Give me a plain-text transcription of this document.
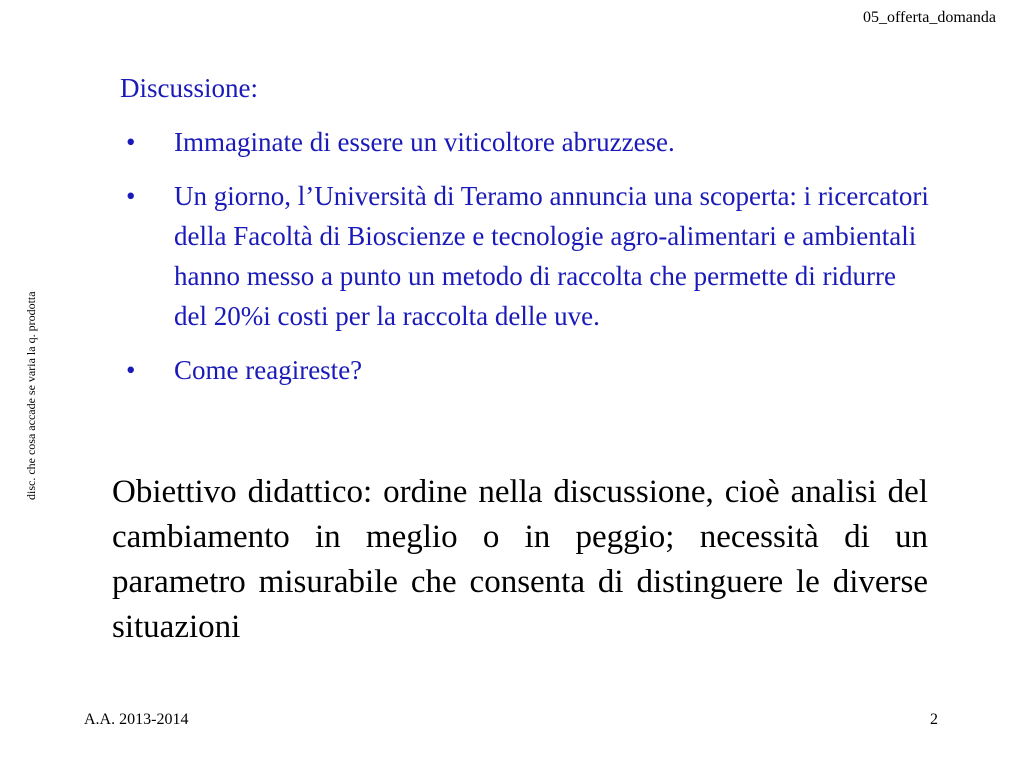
05_offerta_domanda
disc. che cosa accade se varia la q. prodotta
Discussione:
• Immaginate di essere un viticoltore abruzzese.
• Un giorno, l’Università di Teramo annuncia una scoperta: i ricercatori della Facoltà di Bioscienze e tecnologie agro-alimentari e ambientali hanno messo a punto un metodo di raccolta che permette di ridurre del 20%i costi per la raccolta delle uve.
• Come reagireste?
Obiettivo didattico: ordine nella discussione, cioè analisi del cambiamento in meglio o in peggio; necessità di un parametro misurabile che consenta di distinguere le diverse situazioni
A.A. 2013-2014	2
